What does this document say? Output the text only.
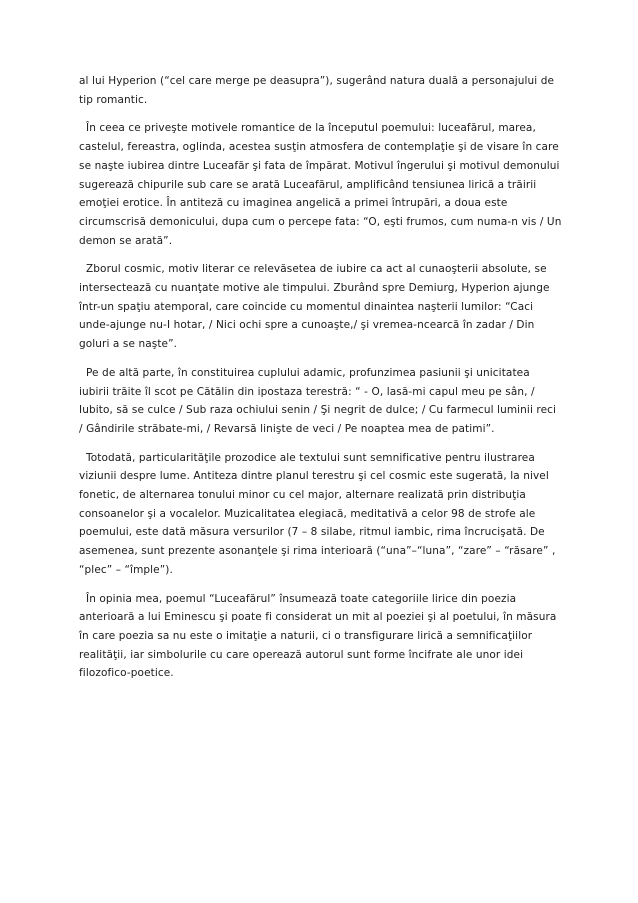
al lui Hyperion (“cel care merge pe deasupra”), sugerând natura duală a personajului de tip romantic.

În ceea ce priveşte motivele romantice de la începutul poemului: luceafărul, marea, castelul, fereastra, oglinda, acestea susţin atmosfera de contemplaţie şi de visare în care se naşte iubirea dintre Luceafăr şi fata de împărat. Motivul îngerului şi motivul demonului sugerează chipurile sub care se arată Luceafărul, amplificând tensiunea lirică a trăirii emoţiei erotice. În antiteză cu imaginea angelică a primei întrupări, a doua este circumscrisă demonicului, dupa cum o percepe fata: “O, eşti frumos, cum numa-n vis / Un demon se arată”.

Zborul cosmic, motiv literar ce relevăsetea de iubire ca act al cunaoşterii absolute, se intersectează cu nuanţate motive ale timpului. Zburând spre Demiurg, Hyperion ajunge într-un spaţiu atemporal, care coincide cu momentul dinaintea naşterii lumilor: “Caci unde-ajunge nu-I hotar, / Nici ochi spre a cunoaşte,/ şi vremea-ncearcă în zadar / Din goluri a se naşte”.

Pe de altă parte, în constituirea cuplului adamic, profunzimea pasiunii şi unicitatea iubirii trăite îl scot pe Cătălin din ipostaza terestră: “ - O, lasă-mi capul meu pe sân, / Iubito, să se culce / Sub raza ochiului senin / Şi negrit de dulce; / Cu farmecul luminii reci / Gândirile străbate-mi, / Revarsă linişte de veci / Pe noaptea mea de patimi”.

Totodată, particularităţile prozodice ale textului sunt semnificative pentru ilustrarea viziunii despre lume. Antiteza dintre planul terestru şi cel cosmic este sugerată, la nivel fonetic, de alternarea tonului minor cu cel major, alternare realizată prin distribuţia consoanelor şi a vocalelor. Muzicalitatea elegiacă, meditativă a celor 98 de strofe ale poemului, este dată măsura versurilor (7 – 8 silabe, ritmul iambic, rima încrucişată. De asemenea, sunt prezente asonanţele şi rima interioară (“una”–“luna”, “zare” – “răsare” , “plec” – “împle”).

În opinia mea, poemul “Luceafărul” însumează toate categoriile lirice din poezia anterioară a lui Eminescu şi poate fi considerat un mit al poeziei şi al poetului, în măsura în care poezia sa nu este o imitaţie a naturii, ci o transfigurare lirică a semnificaţiilor realităţii, iar simbolurile cu care operează autorul sunt forme încifrate ale unor idei filozofico-poetice.
